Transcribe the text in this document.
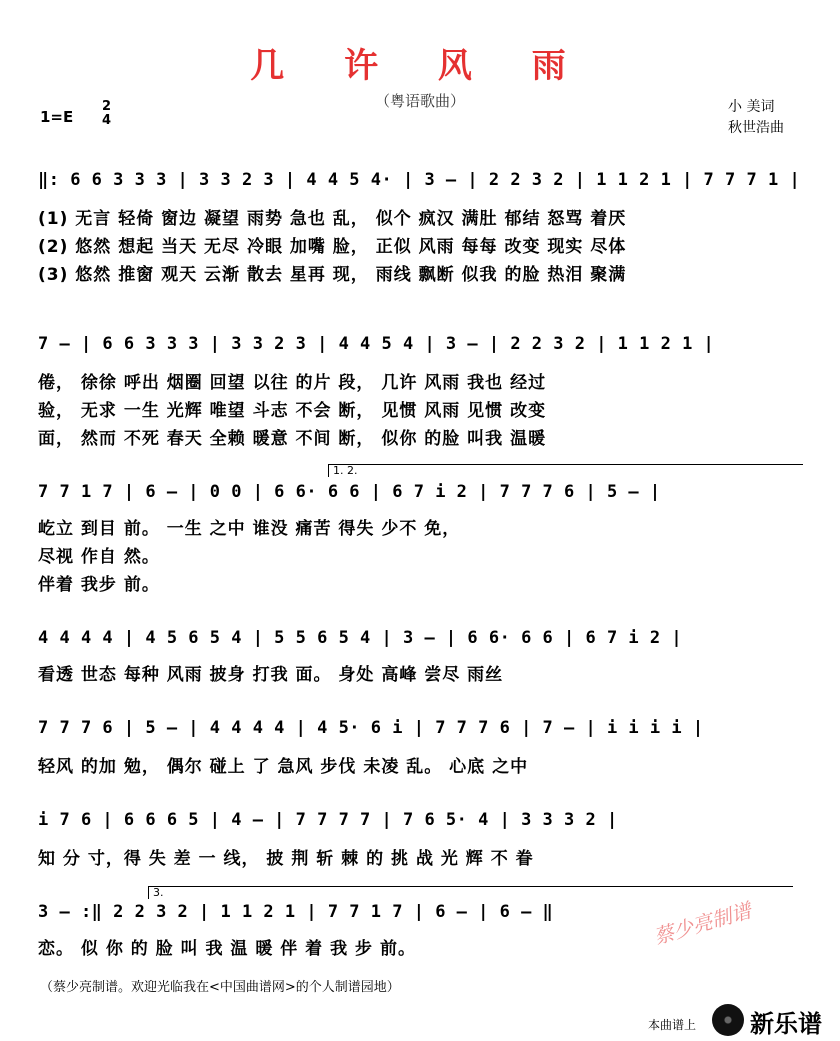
几 许 风 雨
（粤语歌曲）
1=E
2
4
小 美词
秋世浩曲
‖: 6 6 3 3 3 | 3 3 2 3 | 4 4 5 4· | 3 – | 2 2 3 2 | 1 1 2 1 | 7 7 7 1 |
(1) 无言 轻倚 窗边 凝望 雨势 急也 乱， 似个 疯汉 满肚 郁结 怒骂 着厌
(2) 悠然 想起 当天 无尽 冷眼 加嘴 脸， 正似 风雨 每每 改变 现实 尽体
(3) 悠然 推窗 观天 云渐 散去 星再 现， 雨线 飘断 似我 的脸 热泪 聚满
7 – | 6 6 3 3 3 | 3 3 2 3 | 4 4 5 4 | 3 – | 2 2 3 2 | 1 1 2 1 |
倦， 徐徐 呼出 烟圈 回望 以往 的片 段， 几许 风雨 我也 经过
验， 无求 一生 光辉 唯望 斗志 不会 断， 见惯 风雨 见惯 改变
面， 然而 不死 春天 全赖 暖意 不间 断， 似你 的脸 叫我 温暖
1. 2.
7 7 1 7 | 6 – | 0 0 | 6 6· 6 6 | 6 7 i 2 | 7 7 7 6 | 5 – |
屹立 到目 前。 一生 之中 谁没 痛苦 得失 少不 免，
尽视 作自 然。
伴着 我步 前。
4 4 4 4 | 4 5 6 5 4 | 5 5 6 5 4 | 3 – | 6 6· 6 6 | 6 7 i 2 |
看透 世态 每种 风雨 披身 打我 面。 身处 高峰 尝尽 雨丝
7 7 7 6 | 5 – | 4 4 4 4 | 4 5· 6 i | 7 7 7 6 | 7 – | i i i i |
轻风 的加 勉， 偶尔 碰上 了 急风 步伐 未凌 乱。 心底 之中
i 7 6 | 6 6 6 5 | 4 – | 7 7 7 7 | 7 6 5· 4 | 3 3 3 2 |
知 分 寸，得 失 差 一 线， 披 荆 斩 棘 的 挑 战 光 辉 不 眷
3.
3 – :‖ 2 2 3 2 | 1 1 2 1 | 7 7 1 7 | 6 – | 6 – ‖
恋。 似 你 的 脸 叫 我 温 暖 伴 着 我 步 前。
蔡少亮制谱
（蔡少亮制谱。欢迎光临我在<中国曲谱网>的个人制谱园地）
本曲谱上 新乐谱
